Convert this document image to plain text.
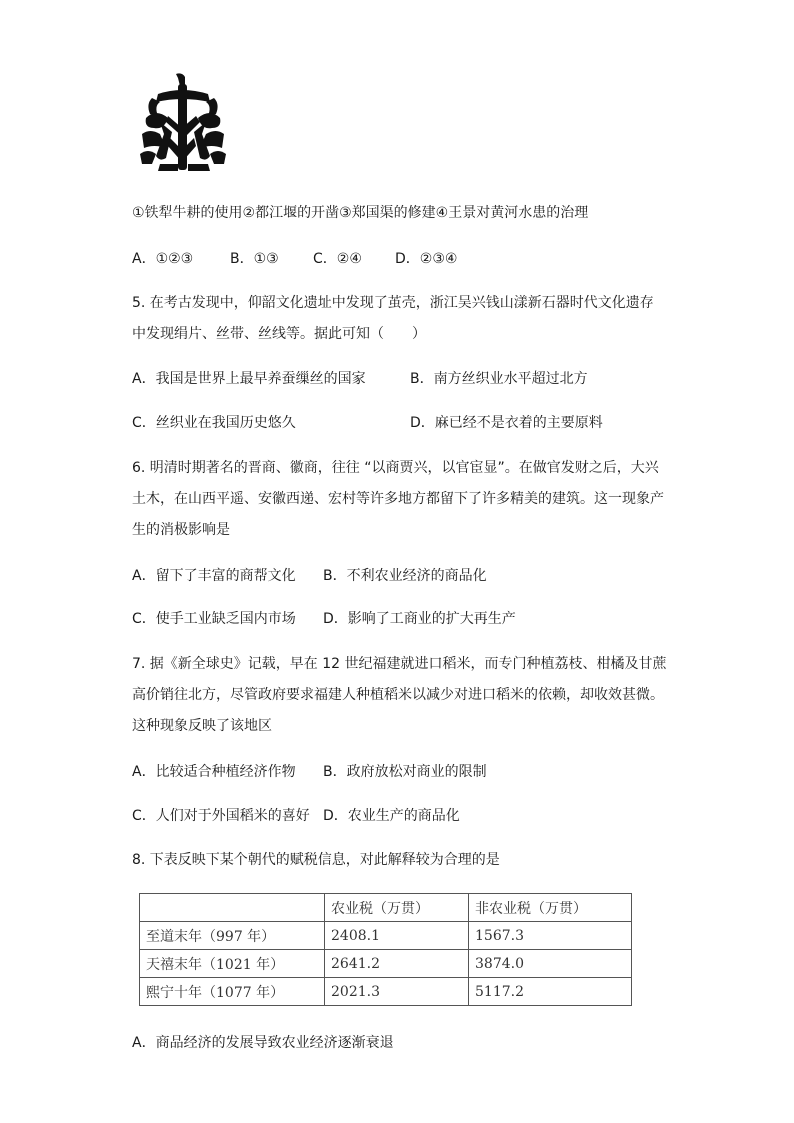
①铁犁牛耕的使用②都江堰的开凿③郑国渠的修建④王景对黄河水患的治理
A．①②③	B．①③ C．②④ D．②③④
5. 在考古发现中，仰韶文化遗址中发现了茧壳，浙江吴兴钱山漾新石器时代文化遗存
中发现绢片、丝带、丝线等。据此可知（　　）
A．我国是世界上最早养蚕缫丝的国家	B．南方丝织业水平超过北方
C．丝织业在我国历史悠久	D．麻已经不是衣着的主要原料
6. 明清时期著名的晋商、徽商，往往 “以商贾兴，以官宦显”。在做官发财之后，大兴
土木，在山西平遥、安徽西递、宏村等许多地方都留下了许多精美的建筑。这一现象产
生的消极影响是
A．留下了丰富的商帮文化 B．不利农业经济的商品化
C．使手工业缺乏国内市场 D．影响了工商业的扩大再生产
7. 据《新全球史》记载，早在 12 世纪福建就进口稻米，而专门种植荔枝、柑橘及甘蔗
高价销往北方，尽管政府要求福建人种植稻米以减少对进口稻米的依赖，却收效甚微。
这种现象反映了该地区
A．比较适合种植经济作物 B．政府放松对商业的限制
C．人们对于外国稻米的喜好 D．农业生产的商品化
8. 下表反映下某个朝代的赋税信息，对此解释较为合理的是
	农业税（万贯）	非农业税（万贯）
至道末年（997 年）	2408.1	1567.3
天禧末年（1021 年）	2641.2	3874.0
熙宁十年（1077 年）	2021.3	5117.2
A．商品经济的发展导致农业经济逐渐衰退
